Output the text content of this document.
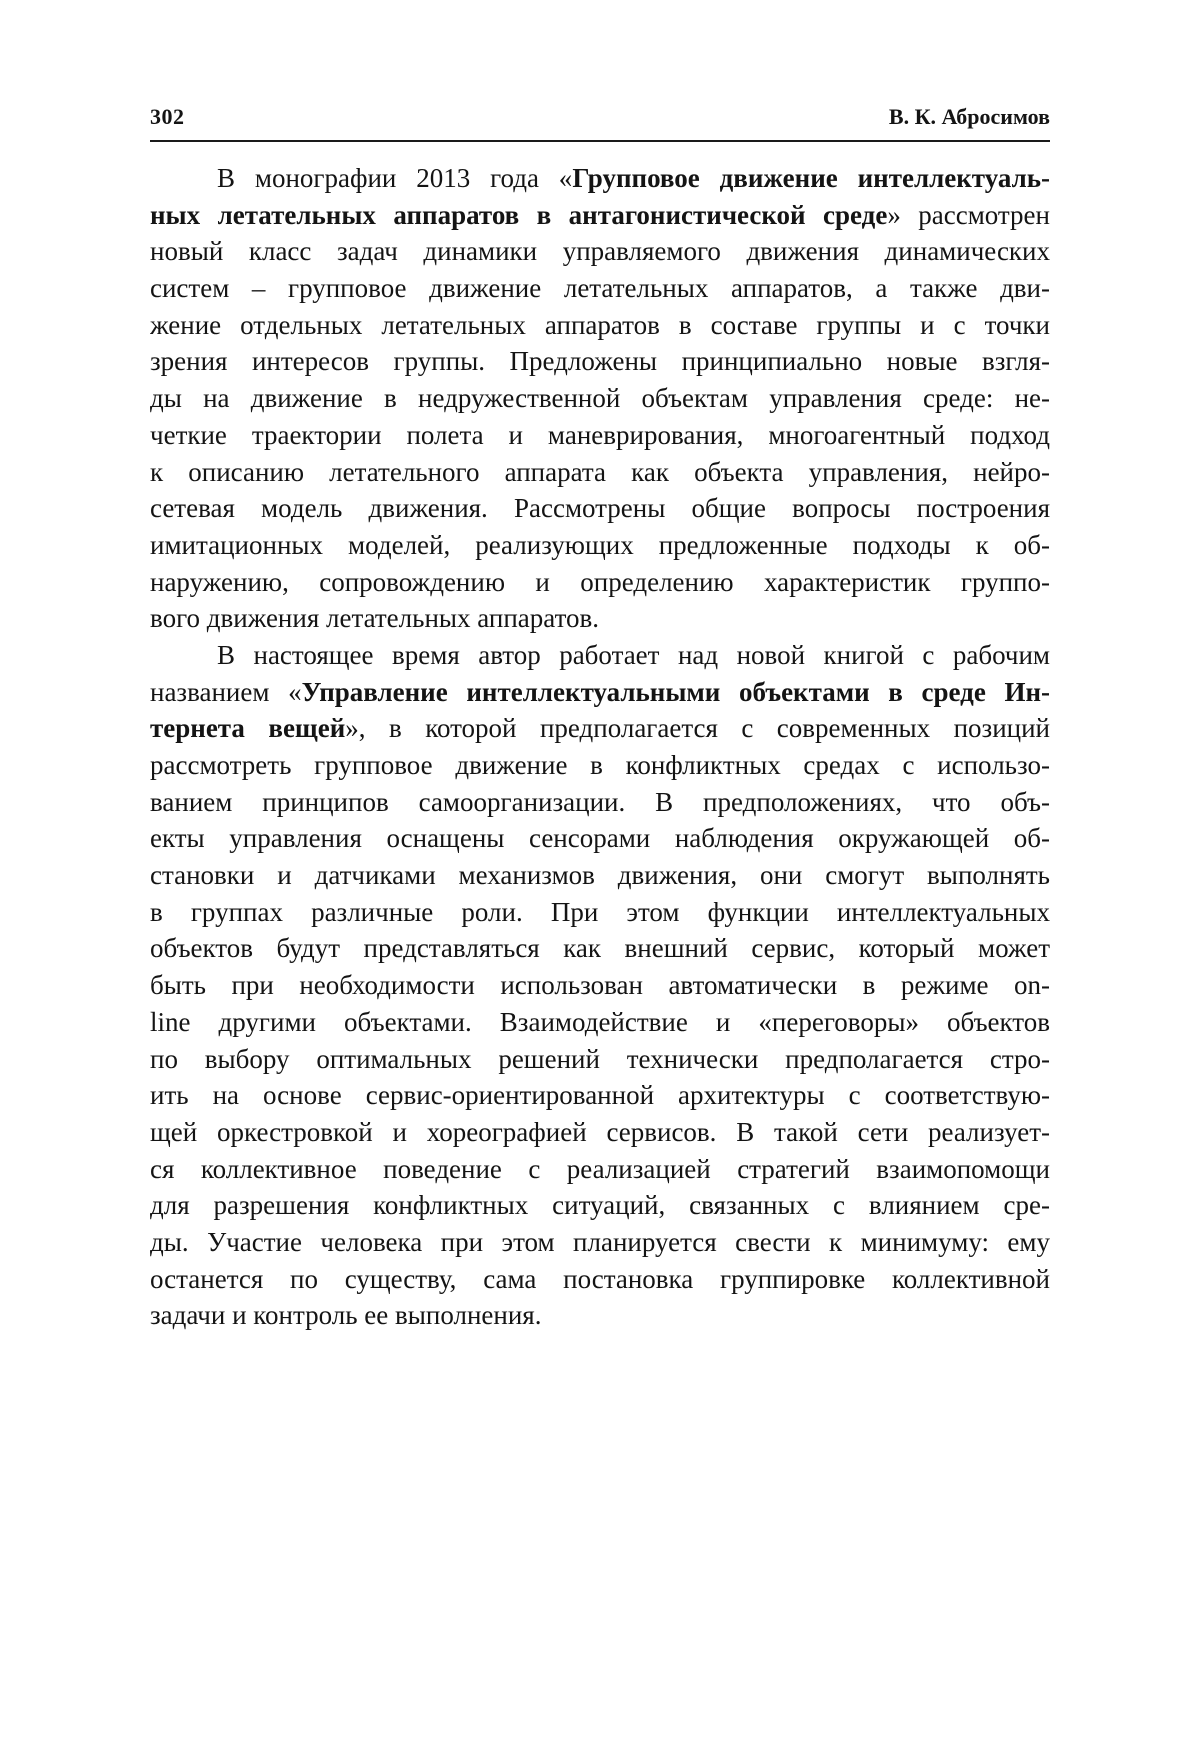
302	В. К. Абросимов
В монографии 2013 года «Групповое движение интеллектуаль-
ных летательных аппаратов в антагонистической среде» рассмотрен
новый класс задач динамики управляемого движения динамических
систем – групповое движение летательных аппаратов, а также дви-
жение отдельных летательных аппаратов в составе группы и с точки
зрения интересов группы. Предложены принципиально новые взгля-
ды на движение в недружественной объектам управления среде: не-
четкие траектории полета и маневрирования, многоагентный подход
к описанию летательного аппарата как объекта управления, нейро-
сетевая модель движения. Рассмотрены общие вопросы построения
имитационных моделей, реализующих предложенные подходы к об-
наружению, сопровождению и определению характеристик группо-
вого движения летательных аппаратов.
В настоящее время автор работает над новой книгой с рабочим
названием «Управление интеллектуальными объектами в среде Ин-
тернета вещей», в которой предполагается с современных позиций
рассмотреть групповое движение в конфликтных средах с использо-
ванием принципов самоорганизации. В предположениях, что объ-
екты управления оснащены сенсорами наблюдения окружающей об-
становки и датчиками механизмов движения, они смогут выполнять
в группах различные роли. При этом функции интеллектуальных
объектов будут представляться как внешний сервис, который может
быть при необходимости использован автоматически в режиме on-
line другими объектами. Взаимодействие и «переговоры» объектов
по выбору оптимальных решений технически предполагается стро-
ить на основе сервис-ориентированной архитектуры с соответствую-
щей оркестровкой и хореографией сервисов. В такой сети реализует-
ся коллективное поведение с реализацией стратегий взаимопомощи
для разрешения конфликтных ситуаций, связанных с влиянием сре-
ды. Участие человека при этом планируется свести к минимуму: ему
останется по существу, сама постановка группировке коллективной
задачи и контроль ее выполнения.
